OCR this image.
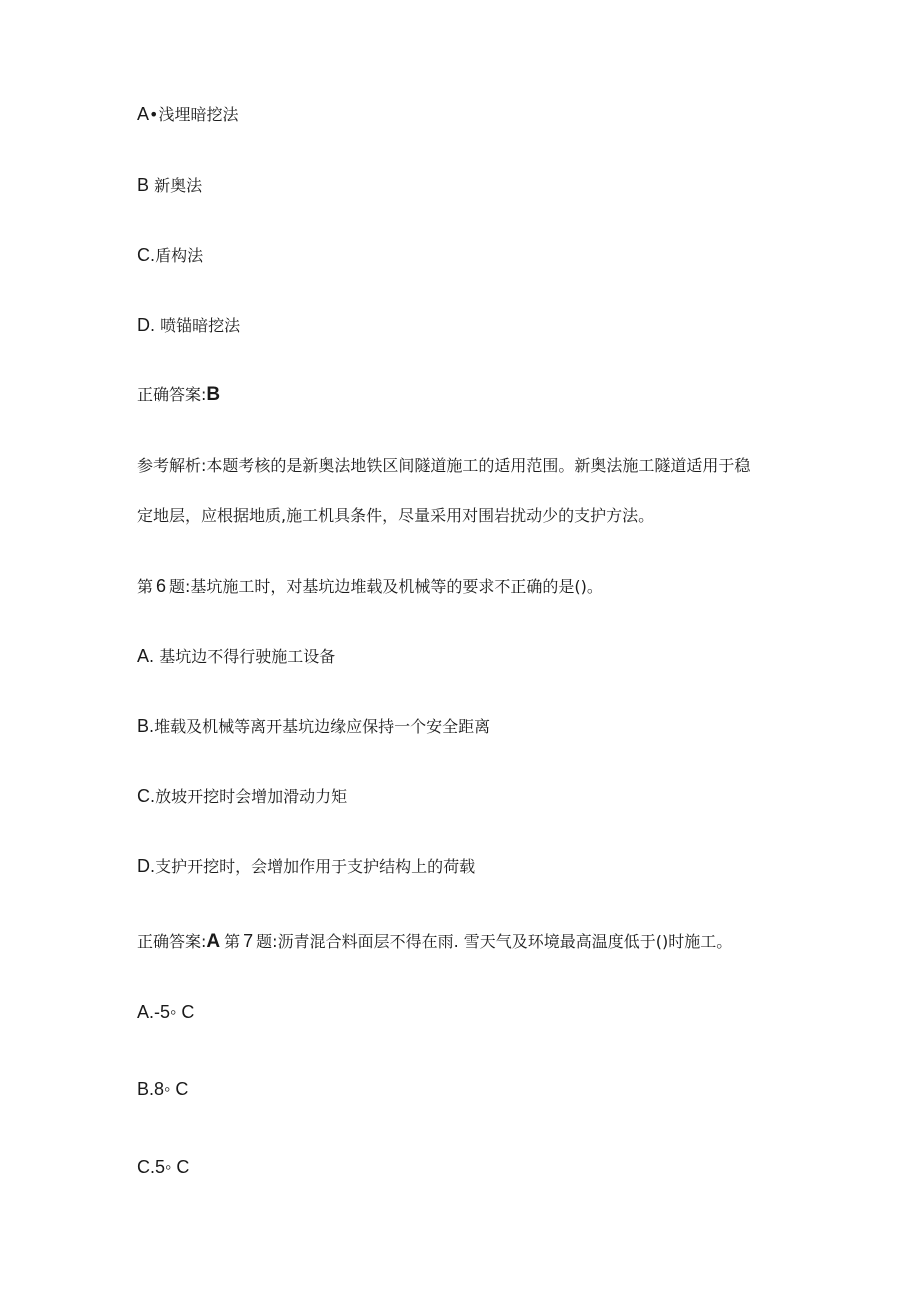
A•浅埋暗挖法
B 新奥法
C.盾构法
D. 喷锚暗挖法
正确答案:B
参考解析:本题考核的是新奥法地铁区间隧道施工的适用范围。新奥法施工隧道适用于稳
定地层，应根据地质,施工机具条件，尽量采用对围岩扰动少的支护方法。
第 6 题:基坑施工时，对基坑边堆载及机械等的要求不正确的是()。
A. 基坑边不得行驶施工设备
B.堆载及机械等离开基坑边缘应保持一个安全距离
C.放坡开挖时会增加滑动力矩
D.支护开挖时，会增加作用于支护结构上的荷载
正确答案:A 第 7 题:沥青混合料面层不得在雨. 雪天气及环境最高温度低于()时施工。
A.-5◦ C
B.8◦ C
C.5◦ C
